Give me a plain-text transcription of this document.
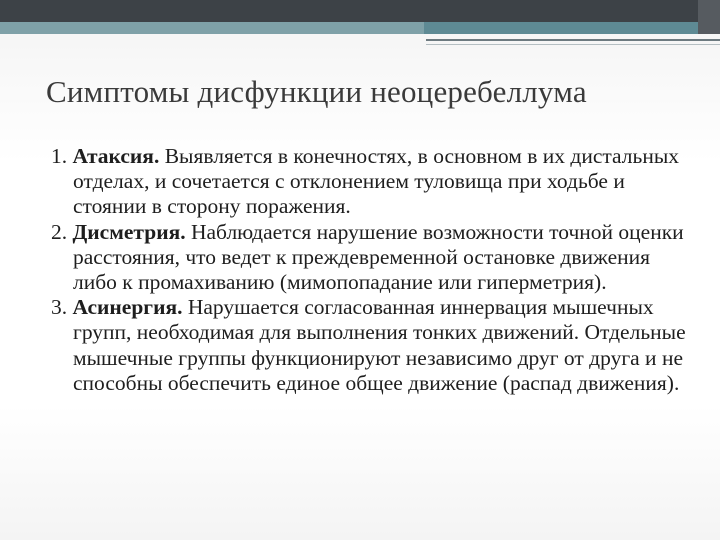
Симптомы дисфункции неоцеребеллума

1. Атаксия. Выявляется в конечностях, в основном в их дистальных отделах, и сочетается с отклонением туловища при ходьбе и стоянии в сторону поражения.

2. Дисметрия. Наблюдается нарушение возможности точной оценки расстояния, что ведет к преждевременной остановке движения либо к промахиванию (мимопопадание или гиперметрия).

3. Асинергия. Нарушается согласованная иннервация мышечных групп, необходимая для выполнения тонких движений. Отдельные мышечные группы функционируют независимо друг от друга и не способны обеспечить единое общее движение (распад движения).
